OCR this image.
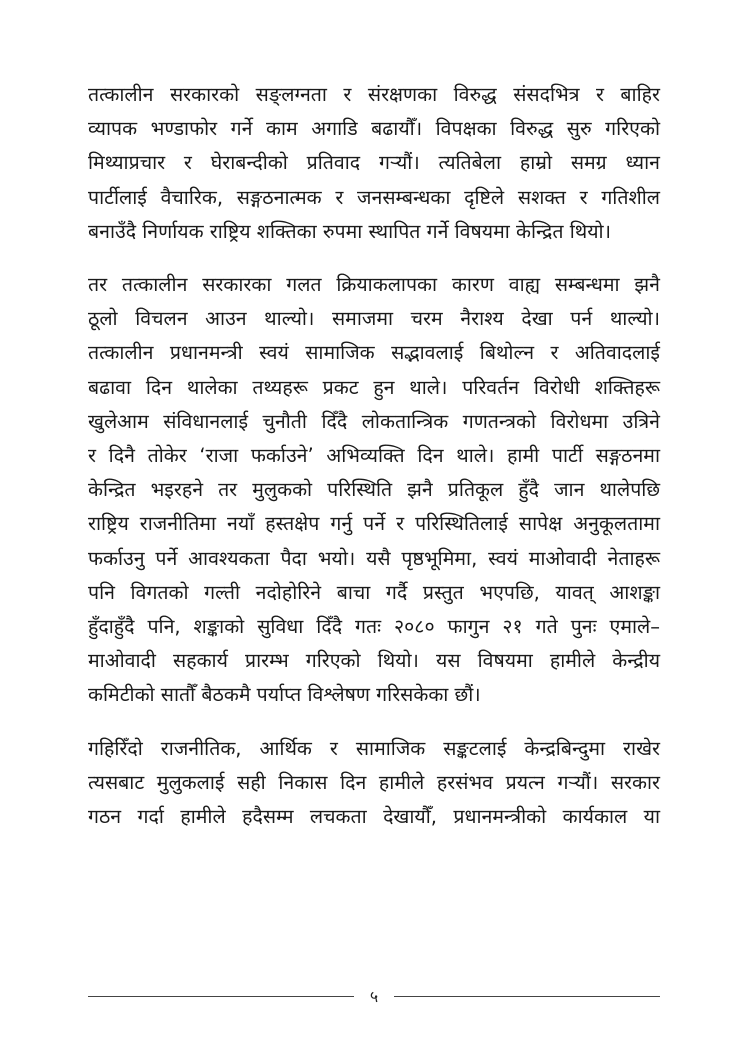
तत्कालीन सरकारको सङ्लग्नता र संरक्षणका विरुद्ध संसदभित्र र बाहिर
व्यापक भण्डाफोर गर्ने काम अगाडि बढायौँ। विपक्षका विरुद्ध सुरु गरिएको
मिथ्याप्रचार र घेराबन्दीको प्रतिवाद गऱ्यौं। त्यतिबेला हाम्रो समग्र ध्यान
पार्टीलाई वैचारिक, सङ्गठनात्मक र जनसम्बन्धका दृष्टिले सशक्त र गतिशील
बनाउँदै निर्णायक राष्ट्रिय शक्तिका रुपमा स्थापित गर्ने विषयमा केन्द्रित थियो।

तर तत्कालीन सरकारका गलत क्रियाकलापका कारण वाह्य सम्बन्धमा झनै
ठूलो विचलन आउन थाल्यो। समाजमा चरम नैराश्य देखा पर्न थाल्यो।
तत्कालीन प्रधानमन्त्री स्वयं सामाजिक सद्भावलाई बिथोल्न र अतिवादलाई
बढावा दिन थालेका तथ्यहरू प्रकट हुन थाले। परिवर्तन विरोधी शक्तिहरू
खुलेआम संविधानलाई चुनौती दिँदै लोकतान्त्रिक गणतन्त्रको विरोधमा उत्रिने
र दिनै तोकेर ‘राजा फर्काउने’ अभिव्यक्ति दिन थाले। हामी पार्टी सङ्गठनमा
केन्द्रित भइरहने तर मुलुकको परिस्थिति झनै प्रतिकूल हुँदै जान थालेपछि
राष्ट्रिय राजनीतिमा नयाँ हस्तक्षेप गर्नु पर्ने र परिस्थितिलाई सापेक्ष अनुकूलतामा
फर्काउनु पर्ने आवश्यकता पैदा भयो। यसै पृष्ठभूमिमा, स्वयं माओवादी नेताहरू
पनि विगतको गल्ती नदोहोरिने बाचा गर्दै प्रस्तुत भएपछि, यावत् आशङ्का
हुँदाहुँदै पनि, शङ्काको सुविधा दिँदै गतः २०८० फागुन २१ गते पुनः एमाले–
माओवादी सहकार्य प्रारम्भ गरिएको थियो। यस विषयमा हामीले केन्द्रीय
कमिटीको सातौँ बैठकमै पर्याप्त विश्लेषण गरिसकेका छौं।

गहिरिँदो राजनीतिक, आर्थिक र सामाजिक सङ्कटलाई केन्द्रबिन्दुमा राखेर
त्यसबाट मुलुकलाई सही निकास दिन हामीले हरसंभव प्रयत्न गऱ्यौं। सरकार
गठन गर्दा हामीले हदैसम्म लचकता देखायौँ, प्रधानमन्त्रीको कार्यकाल या

५
